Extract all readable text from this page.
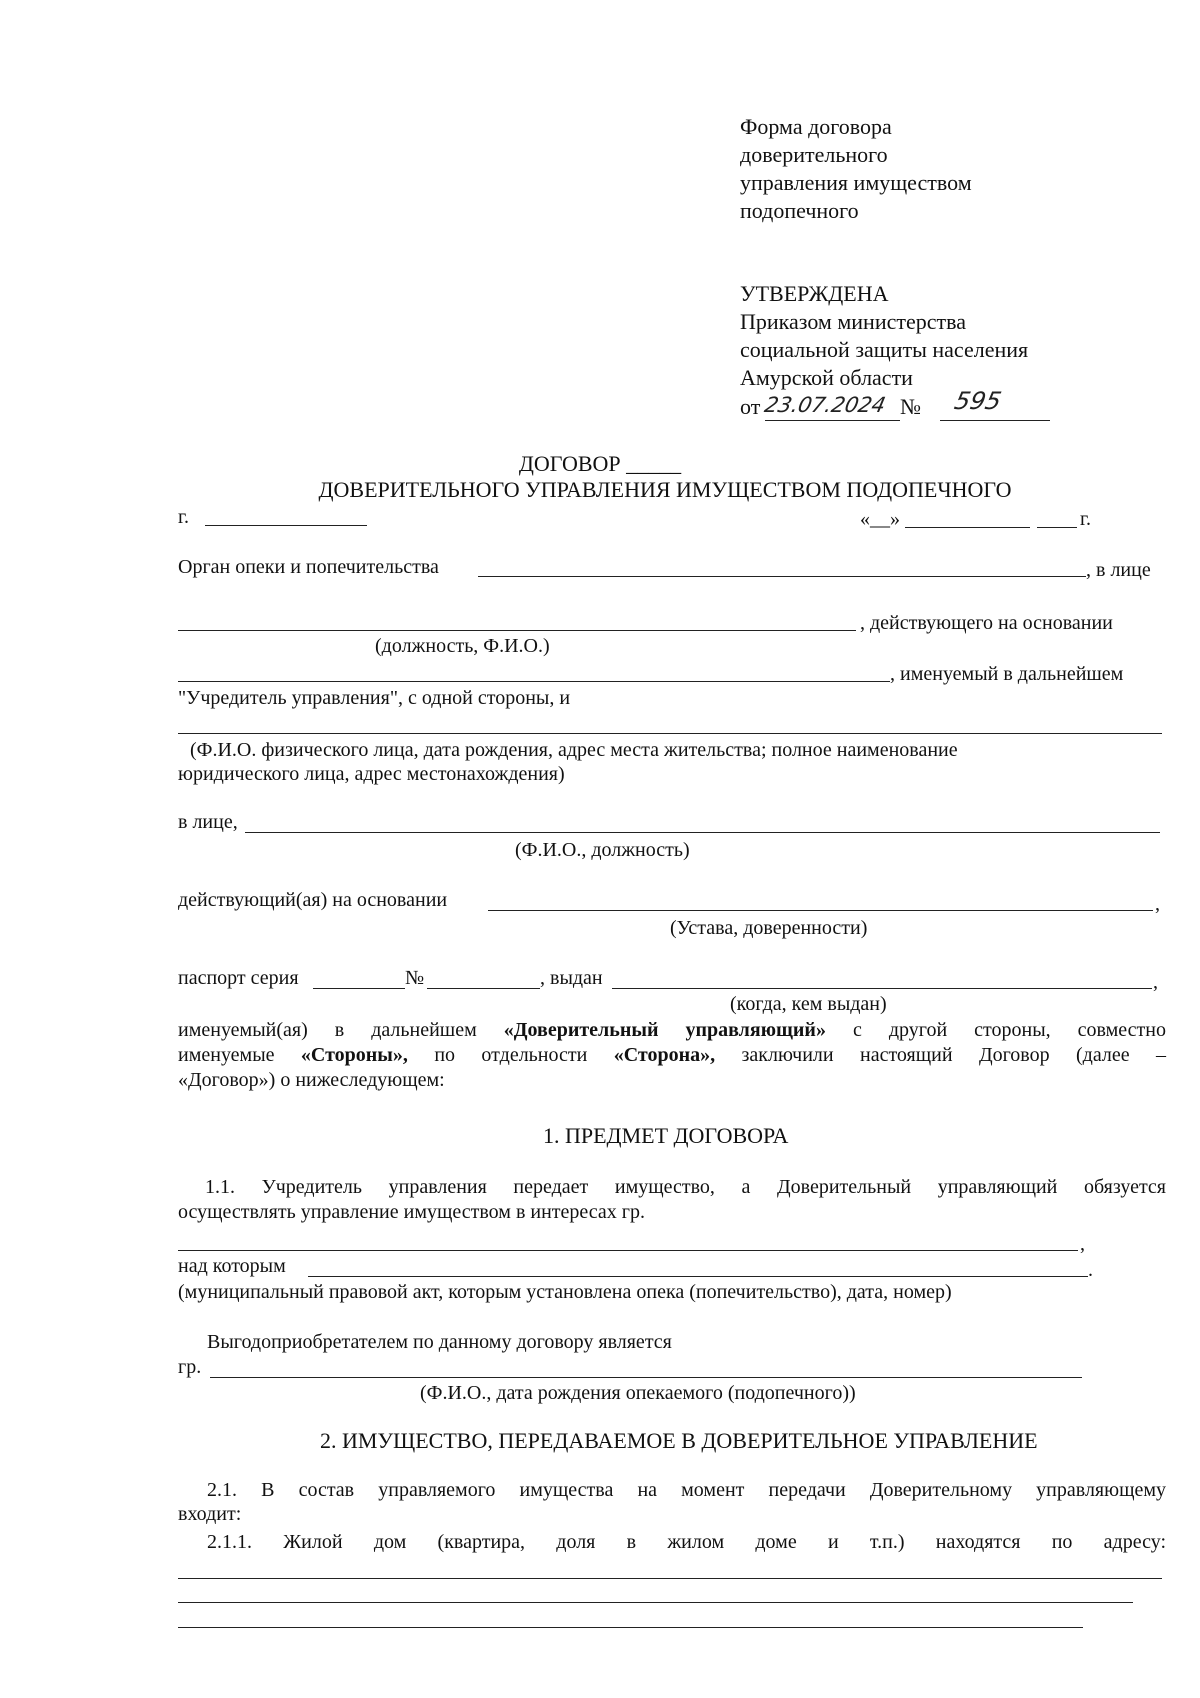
Форма договора
доверительного
управления имуществом
подопечного
УТВЕРЖДЕНА
Приказом министерства
социальной защиты населения
Амурской области
от 23.07.2024 № 595
ДОГОВОР _____
ДОВЕРИТЕЛЬНОГО УПРАВЛЕНИЯ ИМУЩЕСТВОМ ПОДОПЕЧНОГО
г.	«__»	г.
Орган опеки и попечительства	, в лице
, действующего на основании
(должность, Ф.И.О.)
, именуемый в дальнейшем
"Учредитель управления", с одной стороны, и
(Ф.И.О. физического лица, дата рождения, адрес места жительства; полное наименование
юридического лица, адрес местонахождения)
в лице,
(Ф.И.О., должность)
действующий(ая) на основании	,
(Устава, доверенности)
паспорт серия	№	, выдан	,
(когда, кем выдан)
именуемый(ая) в дальнейшем «Доверительный управляющий» с другой стороны, совместно
именуемые «Стороны», по отдельности «Сторона», заключили настоящий Договор (далее –
«Договор») о нижеследующем:
1. ПРЕДМЕТ ДОГОВОРА
1.1. Учредитель управления передает имущество, а Доверительный управляющий обязуется
осуществлять управление имуществом в интересах гр.
,
над которым	.
(муниципальный правовой акт, которым установлена опека (попечительство), дата, номер)
Выгодоприобретателем по данному договору является
гр.
(Ф.И.О., дата рождения опекаемого (подопечного))
2. ИМУЩЕСТВО, ПЕРЕДАВАЕМОЕ В ДОВЕРИТЕЛЬНОЕ УПРАВЛЕНИЕ
2.1. В состав управляемого имущества на момент передачи Доверительному управляющему
входит:
2.1.1. Жилой дом (квартира, доля в жилом доме и т.п.) находятся по адресу:
